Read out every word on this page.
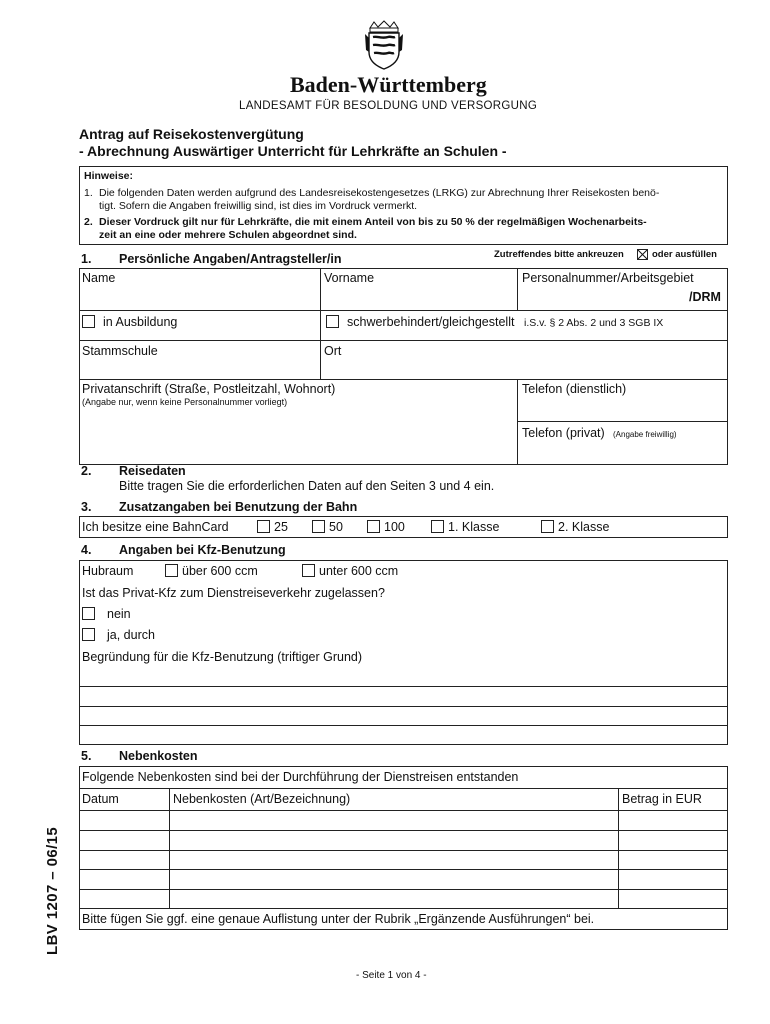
Baden-Württemberg
LANDESAMT FÜR BESOLDUNG UND VERSORGUNG
Antrag auf Reisekostenvergütung
- Abrechnung Auswärtiger Unterricht für Lehrkräfte an Schulen -
Hinweise:
1. Die folgenden Daten werden aufgrund des Landesreisekostengesetzes (LRKG) zur Abrechnung Ihrer Reisekosten benö-
tigt. Sofern die Angaben freiwillig sind, ist dies im Vordruck vermerkt.
2. Dieser Vordruck gilt nur für Lehrkräfte, die mit einem Anteil von bis zu 50 % der regelmäßigen Wochenarbeits-
zeit an eine oder mehrere Schulen abgeordnet sind.
1. Persönliche Angaben/Antragsteller/in	Zutreffendes bitte ankreuzen	oder ausfüllen
Name	Vorname	Personalnummer/Arbeitsgebiet
/DRM
in Ausbildung	schwerbehindert/gleichgestellt i.S.v. § 2 Abs. 2 und 3 SGB IX
Stammschule	Ort
Privatanschrift (Straße, Postleitzahl, Wohnort)
(Angabe nur, wenn keine Personalnummer vorliegt)
Telefon (dienstlich)
Telefon (privat) (Angabe freiwillig)
2. Reisedaten
Bitte tragen Sie die erforderlichen Daten auf den Seiten 3 und 4 ein.
3. Zusatzangaben bei Benutzung der Bahn
Ich besitze eine BahnCard	25	50	100	1. Klasse	2. Klasse
4. Angaben bei Kfz-Benutzung
Hubraum	über 600 ccm	unter 600 ccm
Ist das Privat-Kfz zum Dienstreiseverkehr zugelassen?
nein
ja, durch
Begründung für die Kfz-Benutzung (triftiger Grund)
5. Nebenkosten
Folgende Nebenkosten sind bei der Durchführung der Dienstreisen entstanden
Datum	Nebenkosten (Art/Bezeichnung)	Betrag in EUR
Bitte fügen Sie ggf. eine genaue Auflistung unter der Rubrik „Ergänzende Ausführungen“ bei.
LBV 1207 – 06/15
- Seite 1 von 4 -
